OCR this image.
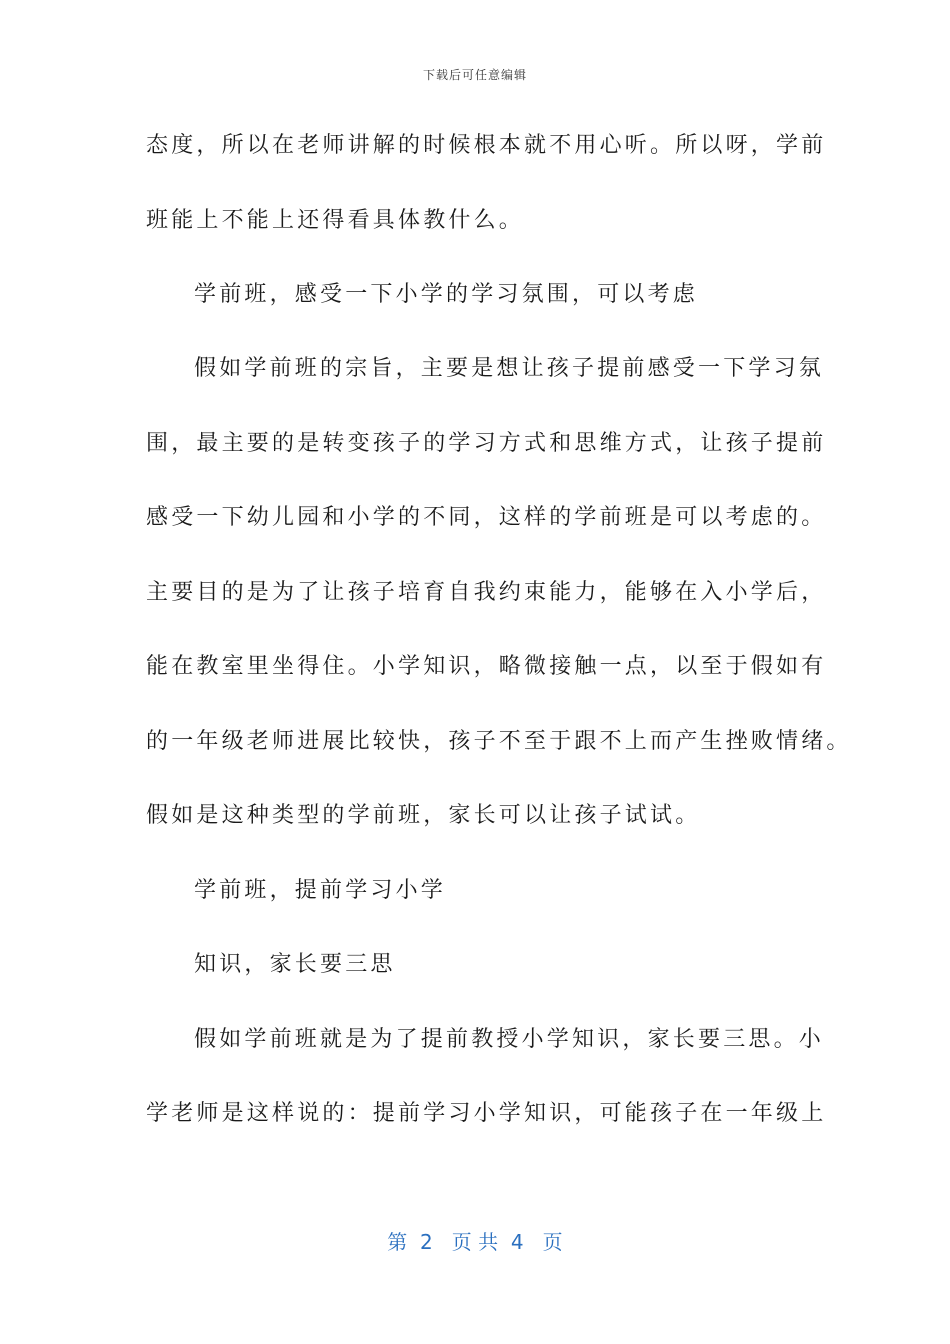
下载后可任意编辑
态度，所以在老师讲解的时候根本就不用心听。所以呀，学前
班能上不能上还得看具体教什么。
学前班，感受一下小学的学习氛围，可以考虑
假如学前班的宗旨，主要是想让孩子提前感受一下学习氛
围，最主要的是转变孩子的学习方式和思维方式，让孩子提前
感受一下幼儿园和小学的不同，这样的学前班是可以考虑的。
主要目的是为了让孩子培育自我约束能力，能够在入小学后，
能在教室里坐得住。小学知识，略微接触一点，以至于假如有
的一年级老师进展比较快，孩子不至于跟不上而产生挫败情绪。
假如是这种类型的学前班，家长可以让孩子试试。
学前班，提前学习小学
知识，家长要三思
假如学前班就是为了提前教授小学知识，家长要三思。小
学老师是这样说的：提前学习小学知识，可能孩子在一年级上
第  2   页 共  4   页
